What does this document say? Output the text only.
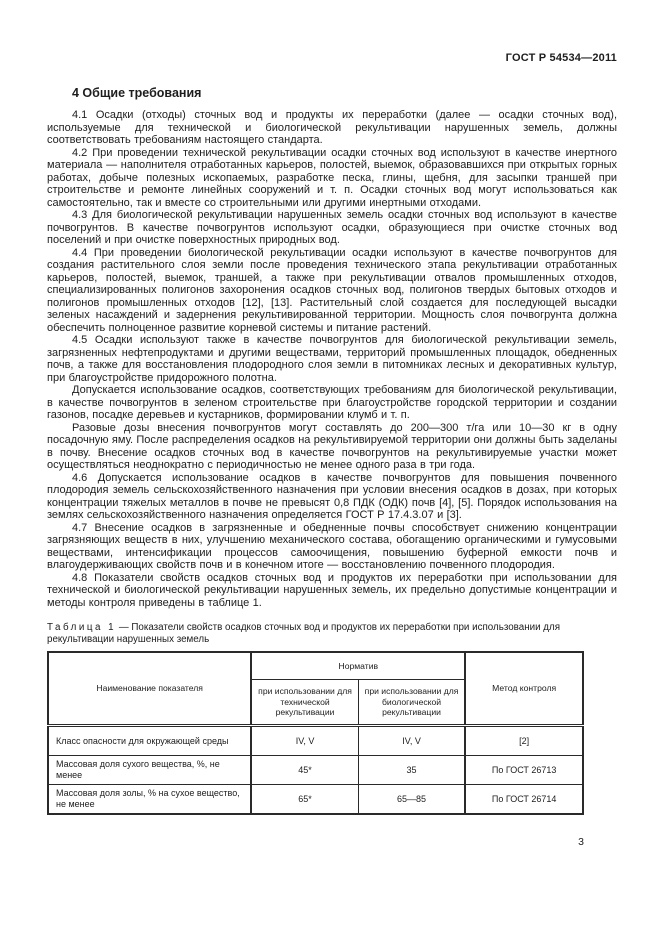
ГОСТ Р 54534—2011

4 Общие требования

4.1 Осадки (отходы) сточных вод и продукты их переработки (далее — осадки сточных вод), используемые для технической и биологической рекультивации нарушенных земель, должны соответствовать требованиям настоящего стандарта.

4.2 При проведении технической рекультивации осадки сточных вод используют в качестве инертного материала — наполнителя отработанных карьеров, полостей, выемок, образовавшихся при открытых горных работах, добыче полезных ископаемых, разработке песка, глины, щебня, для засыпки траншей при строительстве и ремонте линейных сооружений и т. п. Осадки сточных вод могут использоваться как самостоятельно, так и вместе со строительными или другими инертными отходами.

4.3 Для биологической рекультивации нарушенных земель осадки сточных вод используют в качестве почвогрунтов. В качестве почвогрунтов используют осадки, образующиеся при очистке сточных вод поселений и при очистке поверхностных природных вод.

4.4 При проведении биологической рекультивации осадки используют в качестве почвогрунтов для создания растительного слоя земли после проведения технического этапа рекультивации отработанных карьеров, полостей, выемок, траншей, а также при рекультивации отвалов промышленных отходов, специализированных полигонов захоронения осадков сточных вод, полигонов твердых бытовых отходов и полигонов промышленных отходов [12], [13]. Растительный слой создается для последующей высадки зеленых насаждений и задернения рекультивированной территории. Мощность слоя почвогрунта должна обеспечить полноценное развитие корневой системы и питание растений.

4.5 Осадки используют также в качестве почвогрунтов для биологической рекультивации земель, загрязненных нефтепродуктами и другими веществами, территорий промышленных площадок, обедненных почв, а также для восстановления плодородного слоя земли в питомниках лесных и декоративных культур, при благоустройстве придорожного полотна.

Допускается использование осадков, соответствующих требованиям для биологической рекультивации, в качестве почвогрунтов в зеленом строительстве при благоустройстве городской территории и создании газонов, посадке деревьев и кустарников, формировании клумб и т. п.

Разовые дозы внесения почвогрунтов могут составлять до 200—300 т/га или 10—30 кг в одну посадочную яму. После распределения осадков на рекультивируемой территории они должны быть заделаны в почву. Внесение осадков сточных вод в качестве почвогрунтов на рекультивируемые участки может осуществляться неоднократно с периодичностью не менее одного раза в три года.

4.6 Допускается использование осадков в качестве почвогрунтов для повышения почвенного плодородия земель сельскохозяйственного назначения при условии внесения осадков в дозах, при которых концентрации тяжелых металлов в почве не превысят 0,8 ПДК (ОДК) почв [4], [5]. Порядок использования на землях сельскохозяйственного назначения определяется ГОСТ Р 17.4.3.07 и [3].

4.7 Внесение осадков в загрязненные и обедненные почвы способствует снижению концентрации загрязняющих веществ в них, улучшению механического состава, обогащению органическими и гумусовыми веществами, интенсификации процессов самоочищения, повышению буферной емкости почв и влагоудерживающих свойств почв и в конечном итоге — восстановлению почвенного плодородия.

4.8 Показатели свойств осадков сточных вод и продуктов их переработки при использовании для технической и биологической рекультивации нарушенных земель, их предельно допустимые концентрации и методы контроля приведены в таблице 1.

Таблица 1 — Показатели свойств осадков сточных вод и продуктов их переработки при использовании для рекультивации нарушенных земель

Наименование показателя	Норматив		Метод контроля
	при использовании для технической рекультивации	при использовании для биологической рекультивации	
Класс опасности для окружающей среды	IV, V	IV, V	[2]
Массовая доля сухого вещества, %, не менее	45*	35	По ГОСТ 26713
Массовая доля золы, % на сухое вещество, не менее	65*	65—85	По ГОСТ 26714
3
